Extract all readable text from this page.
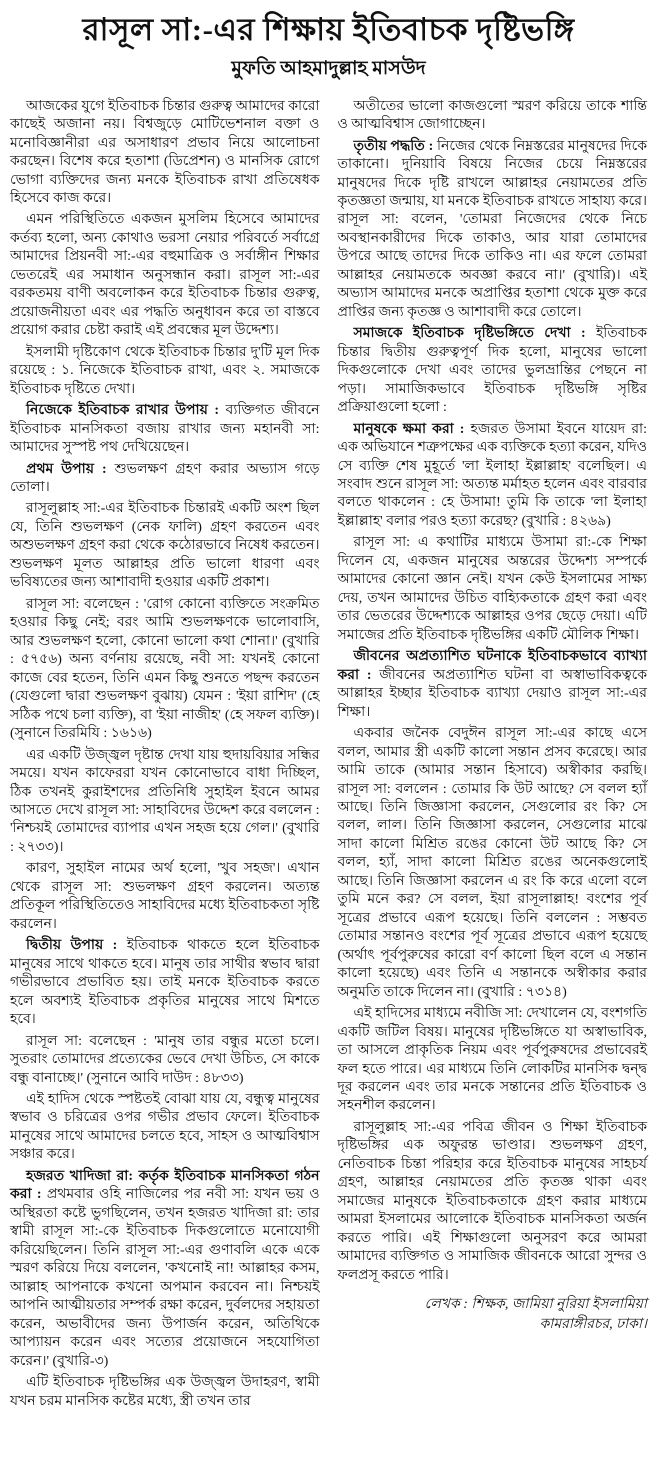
রাসূল সা:-এর শিক্ষায় ইতিবাচক দৃষ্টিভঙ্গি
মুফতি আহমাদুল্লাহ মাসউদ

আজকের যুগে ইতিবাচক চিন্তার গুরুত্ব আমাদের কারো কাছেই অজানা নয়। বিশ্বজুড়ে মোটিভেশনাল বক্তা ও মনোবিজ্ঞানীরা এর অসাধারণ প্রভাব নিয়ে আলোচনা করছেন। বিশেষ করে হতাশা (ডিপ্রেশন) ও মানসিক রোগে ভোগা ব্যক্তিদের জন্য মনকে ইতিবাচক রাখা প্রতিষেধক হিসেবে কাজ করে।

এমন পরিস্থিতিতে একজন মুসলিম হিসেবে আমাদের কর্তব্য হলো, অন্য কোথাও ভরসা নেয়ার পরিবর্তে সর্বাগ্রে আমাদের প্রিয়নবী সা:-এর বহুমাত্রিক ও সর্বাঙ্গীন শিক্ষার ভেতরেই এর সমাধান অনুসন্ধান করা। রাসূল সা:-এর বরকতময় বাণী অবলোকন করে ইতিবাচক চিন্তার গুরুত্ব, প্রয়োজনীয়তা এবং এর পদ্ধতি অনুধাবন করে তা বাস্তবে প্রয়োগ করার চেষ্টা করাই এই প্রবন্ধের মূল উদ্দেশ্য।

ইসলামী দৃষ্টিকোণ থেকে ইতিবাচক চিন্তার দু'টি মূল দিক রয়েছে : ১. নিজেকে ইতিবাচক রাখা, এবং ২. সমাজকে ইতিবাচক দৃষ্টিতে দেখা।

নিজেকে ইতিবাচক রাখার উপায় : ব্যক্তিগত জীবনে ইতিবাচক মানসিকতা বজায় রাখার জন্য মহানবী সা: আমাদের সুস্পষ্ট পথ দেখিয়েছেন।

প্রথম উপায় : শুভলক্ষণ গ্রহণ করার অভ্যাস গড়ে তোলা।

রাসূলুল্লাহ সা:-এর ইতিবাচক চিন্তারই একটি অংশ ছিল যে, তিনি শুভলক্ষণ (নেক ফালি) গ্রহণ করতেন এবং অশুভলক্ষণ গ্রহণ করা থেকে কঠোরভাবে নিষেধ করতেন। শুভলক্ষণ মূলত আল্লাহর প্রতি ভালো ধারণা এবং ভবিষ্যতের জন্য আশাবাদী হওয়ার একটি প্রকাশ।

রাসূল সা: বলেছেন : 'রোগ কোনো ব্যক্তিতে সংক্রমিত হওয়ার কিছু নেই; বরং আমি শুভলক্ষণকে ভালোবাসি, আর শুভলক্ষণ হলো, কোনো ভালো কথা শোনা।' (বুখারি : ৫৭৫৬) অন্য বর্ণনায় রয়েছে, নবী সা: যখনই কোনো কাজে বের হতেন, তিনি এমন কিছু শুনতে পছন্দ করতেন (যেগুলো দ্বারা শুভলক্ষণ বুঝায়) যেমন : 'ইয়া রাশিদ' (হে সঠিক পথে চলা ব্যক্তি), বা 'ইয়া নাজীহ' (হে সফল ব্যক্তি)। (সুনানে তিরমিযি : ১৬১৬)

এর একটি উজ্জ্বল দৃষ্টান্ত দেখা যায় হুদায়বিয়ার সন্ধির সময়ে। যখন কাফেররা যখন কোনোভাবে বাধা দিচ্ছিল, ঠিক তখনই কুরাইশদের প্রতিনিধি সুহাইল ইবনে আমর আসতে দেখে রাসূল সা: সাহাবিদের উদ্দেশ করে বললেন : 'নিশ্চয়ই তোমাদের ব্যাপার এখন সহজ হয়ে গেল।' (বুখারি : ২৭৩৩)।

কারণ, সুহাইল নামের অর্থ হলো, 'খুব সহজ'। এখান থেকে রাসূল সা: শুভলক্ষণ গ্রহণ করলেন। অত্যন্ত প্রতিকূল পরিস্থিতিতেও সাহাবিদের মধ্যে ইতিবাচকতা সৃষ্টি করলেন।

দ্বিতীয় উপায় : ইতিবাচক থাকতে হলে ইতিবাচক মানুষের সাথে থাকতে হবে। মানুষ তার সাথীর স্বভাব দ্বারা গভীরভাবে প্রভাবিত হয়। তাই মনকে ইতিবাচক করতে হলে অবশ্যই ইতিবাচক প্রকৃতির মানুষের সাথে মিশতে হবে।

রাসূল সা: বলেছেন : 'মানুষ তার বন্ধুর মতো চলে। সুতরাং তোমাদের প্রত্যেকের ভেবে দেখা উচিত, সে কাকে বন্ধু বানাচ্ছে।' (সুনানে আবি দাউদ : ৪৮৩৩)

এই হাদিস থেকে স্পষ্টতই বোঝা যায় যে, বন্ধুত্ব মানুষের স্বভাব ও চরিত্রের ওপর গভীর প্রভাব ফেলে। ইতিবাচক মানুষের সাথে আমাদের চলতে হবে, সাহস ও আত্মবিশ্বাস সঞ্চার করে।

হজরত খাদিজা রা: কর্তৃক ইতিবাচক মানসিকতা গঠন করা : প্রথমবার ওহি নাজিলের পর নবী সা: যখন ভয় ও অস্থিরতা কষ্টে ভুগছিলেন, তখন হজরত খাদিজা রা: তার স্বামী রাসূল সা:-কে ইতিবাচক দিকগুলোতে মনোযোগী করিয়েছিলেন। তিনি রাসূল সা:-এর গুণাবলি একে একে স্মরণ করিয়ে দিয়ে বললেন, 'কখনোই না! আল্লাহর কসম, আল্লাহ আপনাকে কখনো অপমান করবেন না। নিশ্চয়ই আপনি আত্মীয়তার সম্পর্ক রক্ষা করেন, দুর্বলদের সহায়তা করেন, অভাবীদের জন্য উপার্জন করেন, অতিথিকে আপ্যায়ন করেন এবং সত্যের প্রয়োজনে সহযোগিতা করেন।' (বুখারি-৩)

এটি ইতিবাচক দৃষ্টিভঙ্গির এক উজ্জ্বল উদাহরণ, স্বামী যখন চরম মানসিক কষ্টের মধ্যে, স্ত্রী তখন তার

অতীতের ভালো কাজগুলো স্মরণ করিয়ে তাকে শান্তি ও আত্মবিশ্বাস জোগাচ্ছেন।

তৃতীয় পদ্ধতি : নিজের থেকে নিম্নস্তরের মানুষদের দিকে তাকানো। দুনিয়াবি বিষয়ে নিজের চেয়ে নিম্নস্তরের মানুষদের দিকে দৃষ্টি রাখলে আল্লাহর নেয়ামতের প্রতি কৃতজ্ঞতা জন্মায়, যা মনকে ইতিবাচক রাখতে সাহায্য করে। রাসূল সা: বলেন, 'তোমরা নিজেদের থেকে নিচে অবস্থানকারীদের দিকে তাকাও, আর যারা তোমাদের উপরে আছে তাদের দিকে তাকিও না। এর ফলে তোমরা আল্লাহর নেয়ামতকে অবজ্ঞা করবে না।' (বুখারি)। এই অভ্যাস আমাদের মনকে অপ্রাপ্তির হতাশা থেকে মুক্ত করে প্রাপ্তির জন্য কৃতজ্ঞ ও আশাবাদী করে তোলে।

সমাজকে ইতিবাচক দৃষ্টিভঙ্গিতে দেখা : ইতিবাচক চিন্তার দ্বিতীয় গুরুত্বপূর্ণ দিক হলো, মানুষের ভালো দিকগুলোকে দেখা এবং তাদের ভুলভ্রান্তির পেছনে না পড়া। সামাজিকভাবে ইতিবাচক দৃষ্টিভঙ্গি সৃষ্টির প্রক্রিয়াগুলো হলো :

মানুষকে ক্ষমা করা : হজরত উসামা ইবনে যায়েদ রা: এক অভিযানে শত্রুপক্ষের এক ব্যক্তিকে হত্যা করেন, যদিও সে ব্যক্তি শেষ মুহূর্তে 'লা ইলাহা ইল্লাল্লাহ' বলেছিল। এ সংবাদ শুনে রাসূল সা: অত্যন্ত মর্মাহত হলেন এবং বারবার বলতে থাকলেন : হে উসামা! তুমি কি তাকে 'লা ইলাহা ইল্লাল্লাহ' বলার পরও হত্যা করেছ? (বুখারি : ৪২৬৯)

রাসূল সা: এ কথাটির মাধ্যমে উসামা রা:-কে শিক্ষা দিলেন যে, একজন মানুষের অন্তরের উদ্দেশ্য সম্পর্কে আমাদের কোনো জ্ঞান নেই। যখন কেউ ইসলামের সাক্ষ্য দেয়, তখন আমাদের উচিত বাহ্যিকতাকে গ্রহণ করা এবং তার ভেতরের উদ্দেশ্যকে আল্লাহর ওপর ছেড়ে দেয়া। এটি সমাজের প্রতি ইতিবাচক দৃষ্টিভঙ্গির একটি মৌলিক শিক্ষা।

জীবনের অপ্রত্যাশিত ঘটনাকে ইতিবাচকভাবে ব্যাখ্যা করা : জীবনের অপ্রত্যাশিত ঘটনা বা অস্বাভাবিকত্বকে আল্লাহর ইচ্ছার ইতিবাচক ব্যাখ্যা দেয়াও রাসূল সা:-এর শিক্ষা।

একবার জনৈক বেদুঈন রাসূল সা:-এর কাছে এসে বলল, আমার স্ত্রী একটি কালো সন্তান প্রসব করেছে। আর আমি তাকে (আমার সন্তান হিসাবে) অস্বীকার করছি। রাসূল সা: বললেন : তোমার কি উট আছে? সে বলল হ্যাঁ আছে। তিনি জিজ্ঞাসা করলেন, সেগুলোর রং কি? সে বলল, লাল। তিনি জিজ্ঞাসা করলেন, সেগুলোর মাঝে সাদা কালো মিশ্রিত রঙের কোনো উট আছে কি? সে বলল, হ্যাঁ, সাদা কালো মিশ্রিত রঙের অনেকগুলোই আছে। তিনি জিজ্ঞাসা করলেন এ রং কি করে এলো বলে তুমি মনে কর? সে বলল, ইয়া রাসূলাল্লাহ! বংশের পূর্ব সূত্রের প্রভাবে এরূপ হয়েছে। তিনি বললেন : সম্ভবত তোমার সন্তানও বংশের পূর্ব সূত্রের প্রভাবে এরূপ হয়েছে (অর্থাৎ পূর্বপুরুষের কারো বর্ণ কালো ছিল বলে এ সন্তান কালো হয়েছে) এবং তিনি এ সন্তানকে অস্বীকার করার অনুমতি তাকে দিলেন না। (বুখারি : ৭৩১৪)

এই হাদিসের মাধ্যমে নবীজি সা: দেখালেন যে, বংশগতি একটি জটিল বিষয়। মানুষের দৃষ্টিভঙ্গিতে যা অস্বাভাবিক, তা আসলে প্রাকৃতিক নিয়ম এবং পূর্বপুরুষদের প্রভাবেরই ফল হতে পারে। এর মাধ্যমে তিনি লোকটির মানসিক দ্বন্দ্ব দূর করলেন এবং তার মনকে সন্তানের প্রতি ইতিবাচক ও সহনশীল করলেন।

রাসূলুল্লাহ সা:-এর পবিত্র জীবন ও শিক্ষা ইতিবাচক দৃষ্টিভঙ্গির এক অফুরন্ত ভাণ্ডার। শুভলক্ষণ গ্রহণ, নেতিবাচক চিন্তা পরিহার করে ইতিবাচক মানুষের সাহচর্য গ্রহণ, আল্লাহর নেয়ামতের প্রতি কৃতজ্ঞ থাকা এবং সমাজের মানুষকে ইতিবাচকতাকে গ্রহণ করার মাধ্যমে আমরা ইসলামের আলোকে ইতিবাচক মানসিকতা অর্জন করতে পারি। এই শিক্ষাগুলো অনুসরণ করে আমরা আমাদের ব্যক্তিগত ও সামাজিক জীবনকে আরো সুন্দর ও ফলপ্রসূ করতে পারি।

লেখক : শিক্ষক, জামিয়া নুরিয়া ইসলামিয়া
কামরাঙ্গীরচর, ঢাকা।
